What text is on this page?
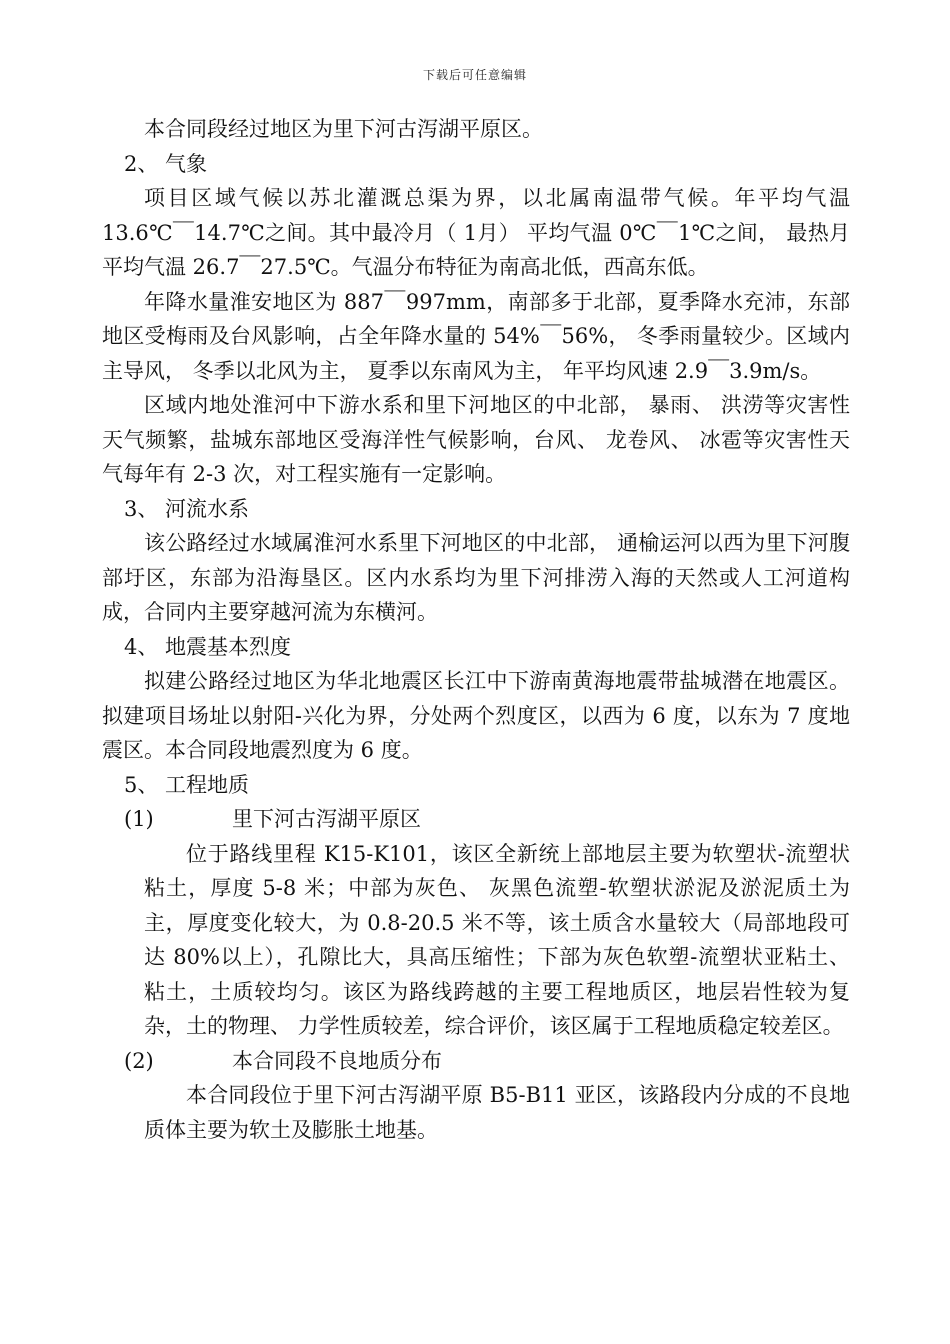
下载后可任意编辑

本合同段经过地区为里下河古泻湖平原区。

2、 气象

项目区域气候以苏北灌溉总渠为界，以北属南温带气候。年平均气温 13.6℃￣14.7℃之间。其中最冷月（ 1月） 平均气温 0℃￣1℃之间， 最热月平均气温 26.7￣27.5℃。气温分布特征为南高北低，西高东低。

年降水量淮安地区为 887￣997mm，南部多于北部，夏季降水充沛，东部地区受梅雨及台风影响，占全年降水量的 54%￣56%， 冬季雨量较少。区域内主导风， 冬季以北风为主， 夏季以东南风为主， 年平均风速 2.9￣3.9m/s。

区域内地处淮河中下游水系和里下河地区的中北部， 暴雨、 洪涝等灾害性天气频繁，盐城东部地区受海洋性气候影响，台风、 龙卷风、 冰雹等灾害性天气每年有 2-3 次，对工程实施有一定影响。

3、 河流水系

该公路经过水域属淮河水系里下河地区的中北部， 通榆运河以西为里下河腹部圩区，东部为沿海垦区。区内水系均为里下河排涝入海的天然或人工河道构成，合同内主要穿越河流为东横河。

4、 地震基本烈度

拟建公路经过地区为华北地震区长江中下游南黄海地震带盐城潜在地震区。拟建项目场址以射阳-兴化为界，分处两个烈度区，以西为 6 度，以东为 7 度地震区。本合同段地震烈度为 6 度。

5、 工程地质

(1)	里下河古泻湖平原区

位于路线里程 K15-K101，该区全新统上部地层主要为软塑状-流塑状粘土，厚度 5-8 米；中部为灰色、 灰黑色流塑-软塑状淤泥及淤泥质土为主，厚度变化较大，为 0.8-20.5 米不等，该土质含水量较大（局部地段可达 80%以上），孔隙比大，具高压缩性；下部为灰色软塑-流塑状亚粘土、 粘土，土质较均匀。该区为路线跨越的主要工程地质区，地层岩性较为复杂，土的物理、 力学性质较差，综合评价，该区属于工程地质稳定较差区。

(2)	本合同段不良地质分布

本合同段位于里下河古泻湖平原 B5-B11 亚区，该路段内分成的不良地质体主要为软土及膨胀土地基。
